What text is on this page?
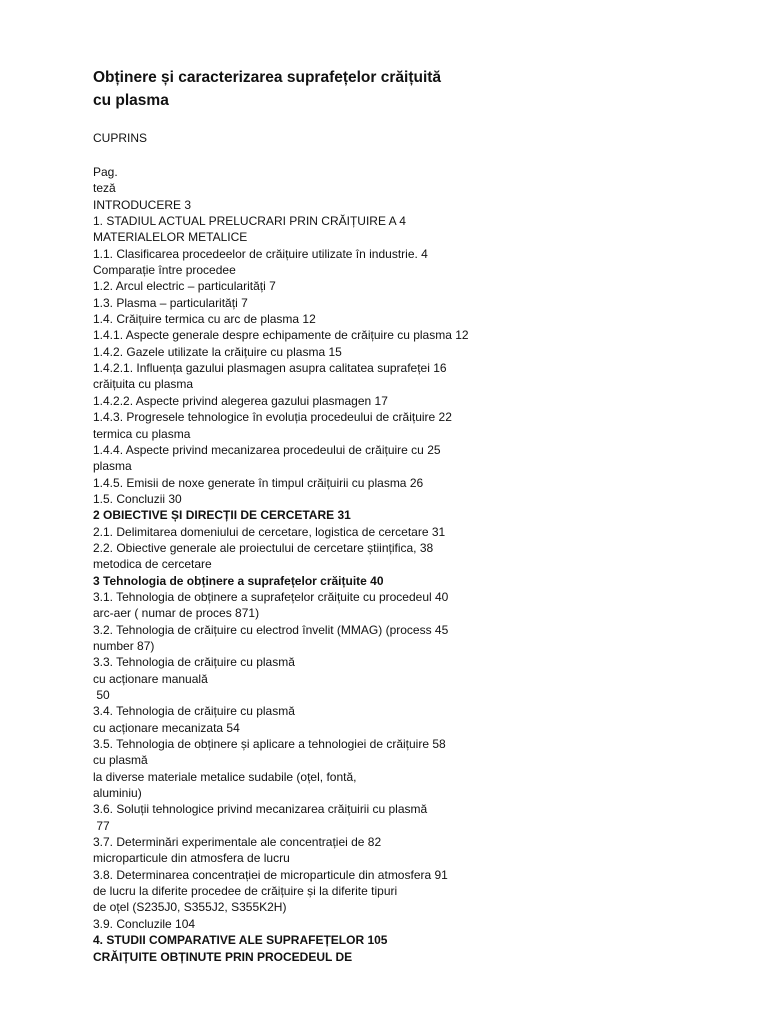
Obținere și caracterizarea suprafețelor crăițuită
cu plasma
CUPRINS
Pag.
teză
INTRODUCERE 3
1. STADIUL ACTUAL PRELUCRARI PRIN CRĂIȚUIRE A 4
MATERIALELOR METALICE
1.1. Clasificarea procedeelor de crăițuire utilizate în industrie. 4
Comparație între procedee
1.2. Arcul electric – particularități 7
1.3. Plasma – particularități 7
1.4. Crăițuire termica cu arc de plasma 12
1.4.1. Aspecte generale despre echipamente de crăițuire cu plasma 12
1.4.2. Gazele utilizate la crăițuire cu plasma 15
1.4.2.1. Influența gazului plasmagen asupra calitatea suprafeței 16
crăițuita cu plasma
1.4.2.2. Aspecte privind alegerea gazului plasmagen 17
1.4.3. Progresele tehnologice în evoluția procedeului de crăițuire 22
termica cu plasma
1.4.4. Aspecte privind mecanizarea procedeului de crăițuire cu 25
plasma
1.4.5. Emisii de noxe generate în timpul crăițuirii cu plasma 26
1.5. Concluzii 30
2 OBIECTIVE ȘI DIRECȚII DE CERCETARE 31
2.1. Delimitarea domeniului de cercetare, logistica de cercetare 31
2.2. Obiective generale ale proiectului de cercetare științifica, 38
metodica de cercetare
3 Tehnologia de obținere a suprafețelor crăițuite 40
3.1. Tehnologia de obținere a suprafețelor crăițuite cu procedeul 40
arc-aer ( numar de proces 871)
3.2. Tehnologia de crăițuire cu electrod învelit (MMAG) (process 45
number 87)
3.3. Tehnologia de crăițuire cu plasmă
cu acționare manuală
50
3.4. Tehnologia de crăițuire cu plasmă
cu acționare mecanizata 54
3.5. Tehnologia de obținere și aplicare a tehnologiei de crăițuire 58
cu plasmă
la diverse materiale metalice sudabile (oțel, fontă,
aluminiu)
3.6. Soluții tehnologice privind mecanizarea crăițuirii cu plasmă
77
3.7. Determinări experimentale ale concentrației de 82
microparticule din atmosfera de lucru
3.8. Determinarea concentrației de microparticule din atmosfera 91
de lucru la diferite procedee de crăițuire și la diferite tipuri
de oțel (S235J0, S355J2, S355K2H)
3.9. Concluzile 104
4. STUDII COMPARATIVE ALE SUPRAFEȚELOR 105
CRĂIȚUITE OBȚINUTE PRIN PROCEDEUL DE
